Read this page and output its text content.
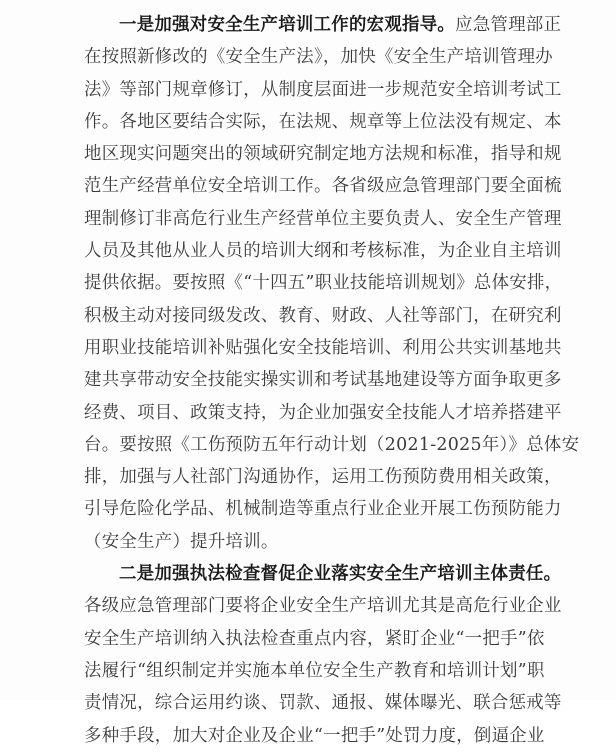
一是加强对安全生产培训工作的宏观指导。应急管理部正
在按照新修改的《安全生产法》，加快《安全生产培训管理办
法》等部门规章修订，从制度层面进一步规范安全培训考试工
作。各地区要结合实际，在法规、规章等上位法没有规定、本
地区现实问题突出的领域研究制定地方法规和标准，指导和规
范生产经营单位安全培训工作。各省级应急管理部门要全面梳
理制修订非高危行业生产经营单位主要负责人、安全生产管理
人员及其他从业人员的培训大纲和考核标准，为企业自主培训
提供依据。要按照《“十四五”职业技能培训规划》总体安排，
积极主动对接同级发改、教育、财政、人社等部门，在研究利
用职业技能培训补贴强化安全技能培训、利用公共实训基地共
建共享带动安全技能实操实训和考试基地建设等方面争取更多
经费、项目、政策支持，为企业加强安全技能人才培养搭建平
台。要按照《工伤预防五年行动计划（2021-2025年）》总体安
排，加强与人社部门沟通协作，运用工伤预防费用相关政策，
引导危险化学品、机械制造等重点行业企业开展工伤预防能力
（安全生产）提升培训。
二是加强执法检查督促企业落实安全生产培训主体责任。
各级应急管理部门要将企业安全生产培训尤其是高危行业企业
安全生产培训纳入执法检查重点内容，紧盯企业“一把手”依
法履行“组织制定并实施本单位安全生产教育和培训计划”职
责情况，综合运用约谈、罚款、通报、媒体曝光、联合惩戒等
多种手段，加大对企业及企业“一把手”处罚力度，倒逼企业
